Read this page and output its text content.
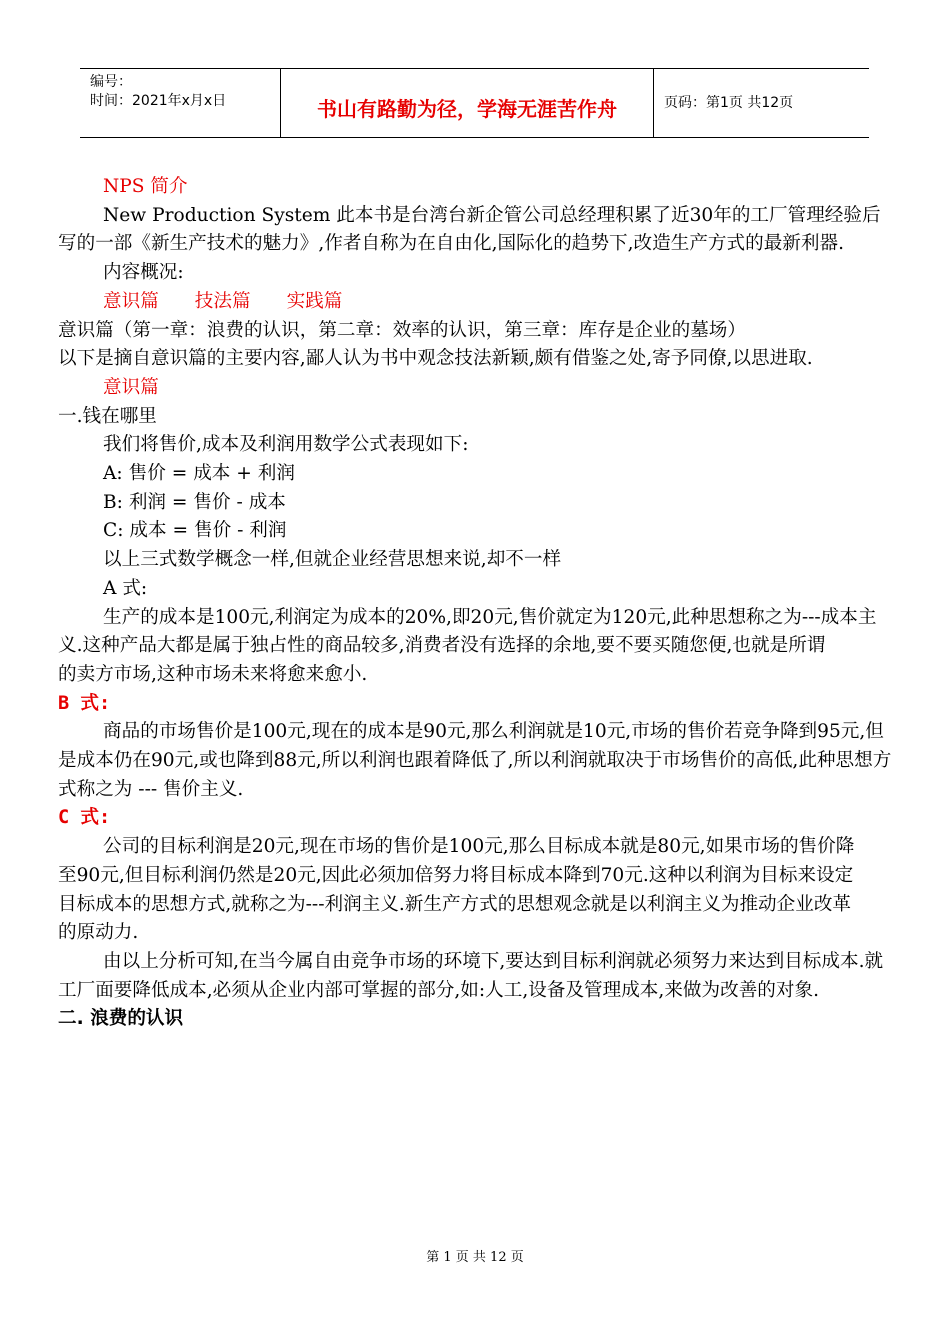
编号：
时间：2021年x月x日	书山有路勤为径，学海无涯苦作舟	页码：第1页 共12页

NPS 简介

New Production System 此本书是台湾台新企管公司总经理积累了近30年的工厂管理经验后写的一部《新生产技术的魅力》,作者自称为在自由化,国际化的趋势下,改造生产方式的最新利器.

内容概况:

意识篇 技法篇 实践篇

意识篇（第一章：浪费的认识，第二章：效率的认识，第三章：库存是企业的墓场）

以下是摘自意识篇的主要内容,鄙人认为书中观念技法新颖,颇有借鉴之处,寄予同僚,以思进取.

意识篇

一.钱在哪里

我们将售价,成本及利润用数学公式表现如下:

A: 售价 = 成本 + 利润

B: 利润 = 售价 - 成本

C: 成本 = 售价 - 利润

以上三式数学概念一样,但就企业经营思想来说,却不一样

A 式:

生产的成本是100元,利润定为成本的20%,即20元,售价就定为120元,此种思想称之为---成本主义.这种产品大都是属于独占性的商品较多,消费者没有选择的余地,要不要买随您便,也就是所谓

的卖方市场,这种市场未来将愈来愈小.

B 式:

商品的市场售价是100元,现在的成本是90元,那么利润就是10元,市场的售价若竞争降到95元,但是成本仍在90元,或也降到88元,所以利润也跟着降低了,所以利润就取决于市场售价的高低,此种思想方式称之为 --- 售价主义.

C 式:

公司的目标利润是20元,现在市场的售价是100元,那么目标成本就是80元,如果市场的售价降

至90元,但目标利润仍然是20元,因此必须加倍努力将目标成本降到70元.这种以利润为目标来设定

目标成本的思想方式,就称之为---利润主义.新生产方式的思想观念就是以利润主义为推动企业改革

的原动力.

由以上分析可知,在当今属自由竞争市场的环境下,要达到目标利润就必须努力来达到目标成本.就工厂面要降低成本,必须从企业内部可掌握的部分,如:人工,设备及管理成本,来做为改善的对象.

二. 浪费的认识

第 1 页 共 12 页
